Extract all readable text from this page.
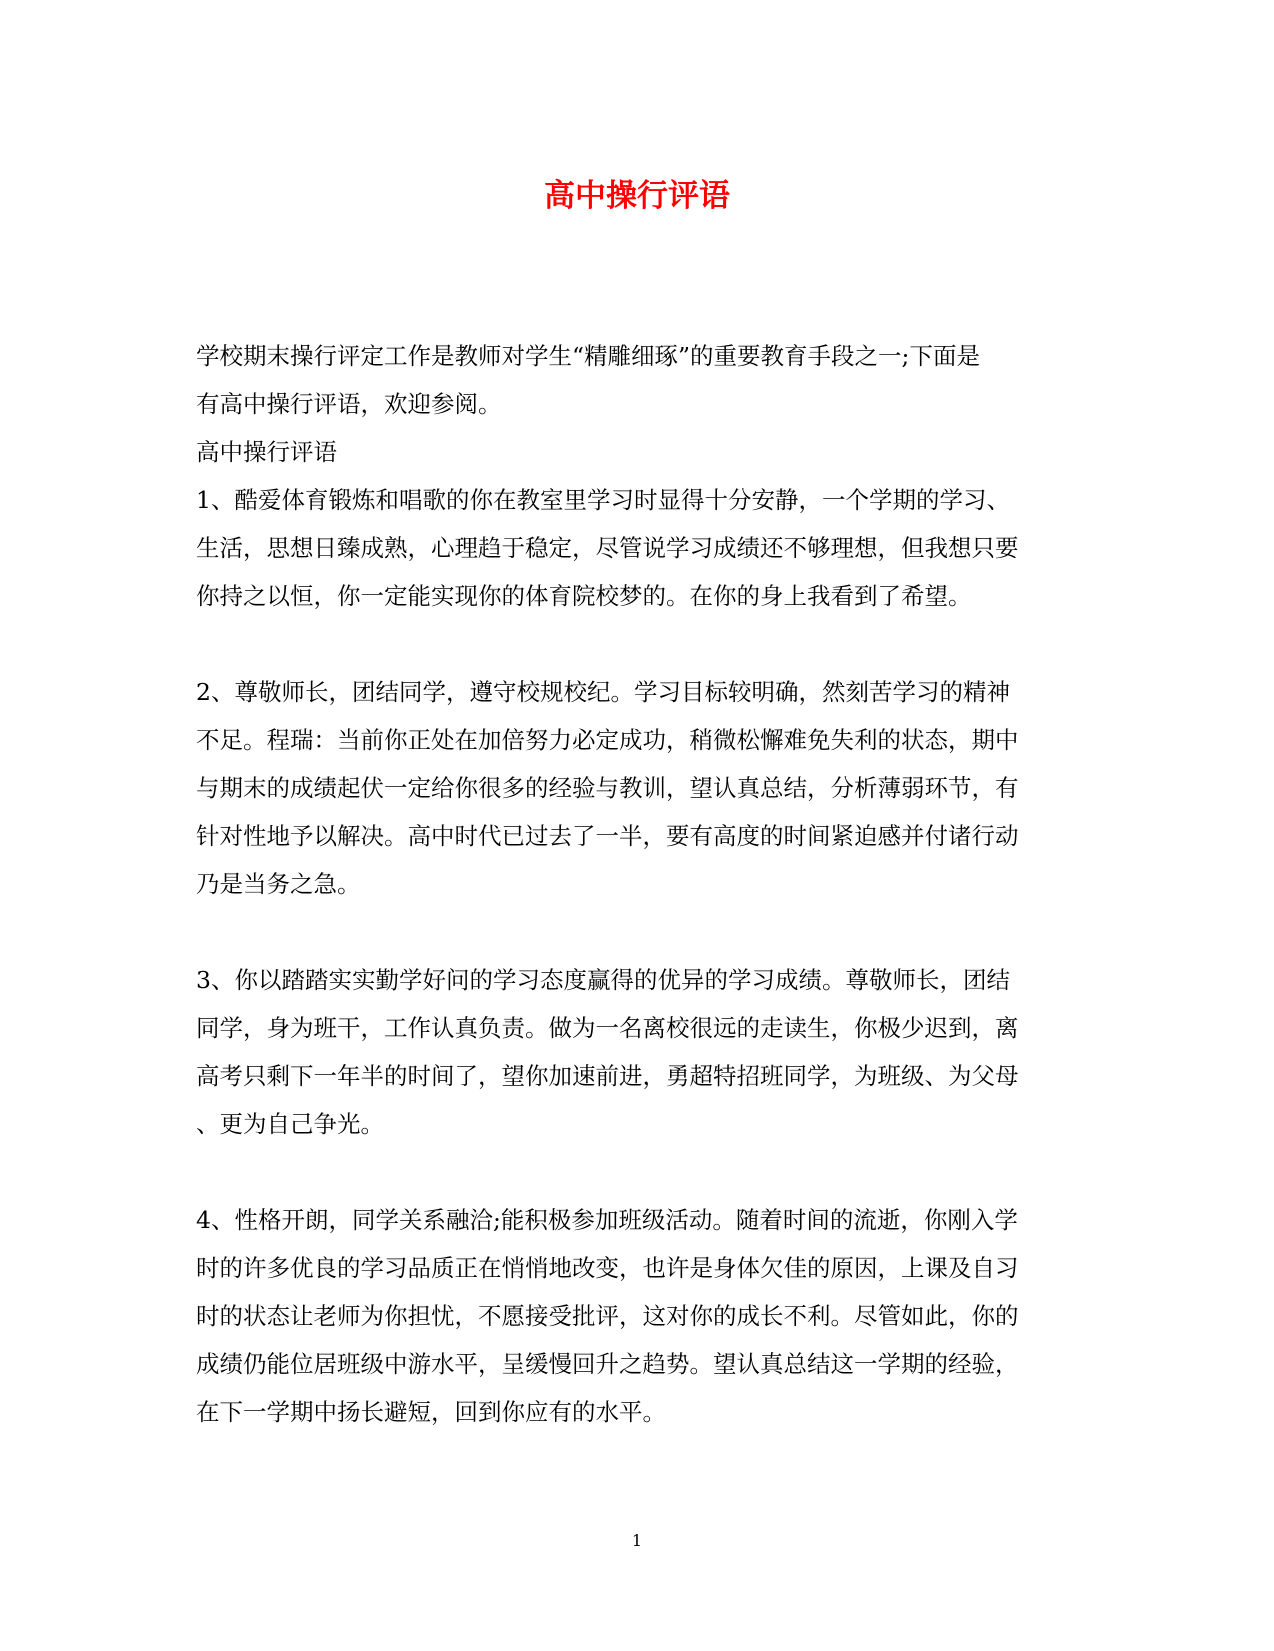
高中操行评语
学校期末操行评定工作是教师对学生“精雕细琢”的重要教育手段之一;下面是
有高中操行评语，欢迎参阅。
高中操行评语
1、酷爱体育锻炼和唱歌的你在教室里学习时显得十分安静，一个学期的学习、
生活，思想日臻成熟，心理趋于稳定，尽管说学习成绩还不够理想，但我想只要
你持之以恒，你一定能实现你的体育院校梦的。在你的身上我看到了希望。
2、尊敬师长，团结同学，遵守校规校纪。学习目标较明确，然刻苦学习的精神
不足。程瑞：当前你正处在加倍努力必定成功，稍微松懈难免失利的状态，期中
与期末的成绩起伏一定给你很多的经验与教训，望认真总结，分析薄弱环节，有
针对性地予以解决。高中时代已过去了一半，要有高度的时间紧迫感并付诸行动
乃是当务之急。
3、你以踏踏实实勤学好问的学习态度赢得的优异的学习成绩。尊敬师长，团结
同学，身为班干，工作认真负责。做为一名离校很远的走读生，你极少迟到，离
高考只剩下一年半的时间了，望你加速前进，勇超特招班同学，为班级、为父母
、更为自己争光。
4、性格开朗，同学关系融洽;能积极参加班级活动。随着时间的流逝，你刚入学
时的许多优良的学习品质正在悄悄地改变，也许是身体欠佳的原因，上课及自习
时的状态让老师为你担忧，不愿接受批评，这对你的成长不利。尽管如此，你的
成绩仍能位居班级中游水平，呈缓慢回升之趋势。望认真总结这一学期的经验，
在下一学期中扬长避短，回到你应有的水平。
1
